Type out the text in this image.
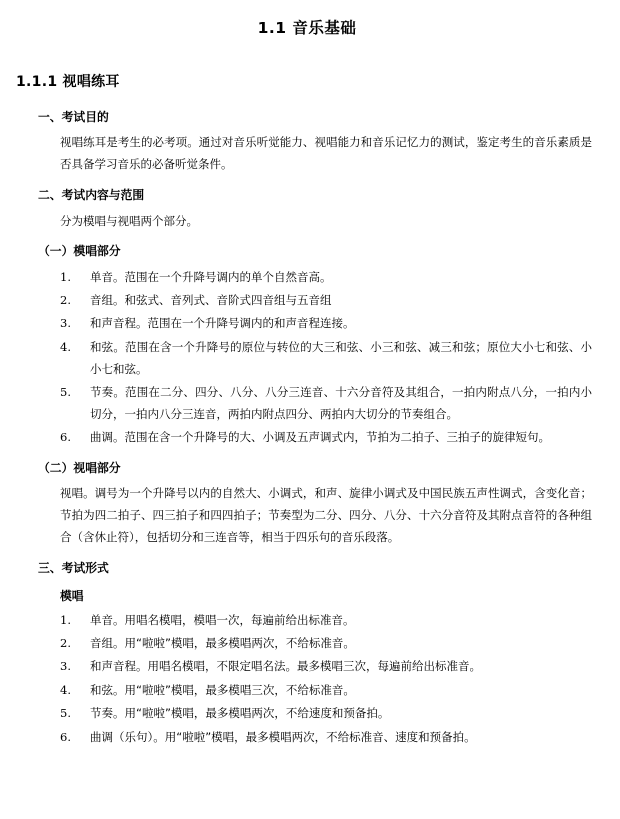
1.1 音乐基础
1.1.1 视唱练耳
一、考试目的
视唱练耳是考生的必考项。通过对音乐听觉能力、视唱能力和音乐记忆力的测试，鉴定考生的音乐素质是否具备学习音乐的必备听觉条件。
二、考试内容与范围
分为模唱与视唱两个部分。
（一）模唱部分
1.	单音。范围在一个升降号调内的单个自然音高。
2.	音组。和弦式、音列式、音阶式四音组与五音组
3.	和声音程。范围在一个升降号调内的和声音程连接。
4.	和弦。范围在含一个升降号的原位与转位的大三和弦、小三和弦、减三和弦；原位大小七和弦、小小七和弦。
5.	节奏。范围在二分、四分、八分、八分三连音、十六分音符及其组合，一拍内附点八分，一拍内小切分，一拍内八分三连音，两拍内附点四分、两拍内大切分的节奏组合。
6.	曲调。范围在含一个升降号的大、小调及五声调式内，节拍为二拍子、三拍子的旋律短句。
（二）视唱部分
视唱。调号为一个升降号以内的自然大、小调式，和声、旋律小调式及中国民族五声性调式，含变化音；节拍为四二拍子、四三拍子和四四拍子；节奏型为二分、四分、八分、十六分音符及其附点音符的各种组合（含休止符），包括切分和三连音等，相当于四乐句的音乐段落。
三、考试形式
模唱
1.	单音。用唱名模唱，模唱一次，每遍前给出标准音。
2.	音组。用“啦啦”模唱，最多模唱两次，不给标准音。
3.	和声音程。用唱名模唱，不限定唱名法。最多模唱三次，每遍前给出标准音。
4.	和弦。用“啦啦”模唱，最多模唱三次，不给标准音。
5.	节奏。用“啦啦”模唱，最多模唱两次，不给速度和预备拍。
6.	曲调（乐句）。用“啦啦”模唱，最多模唱两次，不给标准音、速度和预备拍。
